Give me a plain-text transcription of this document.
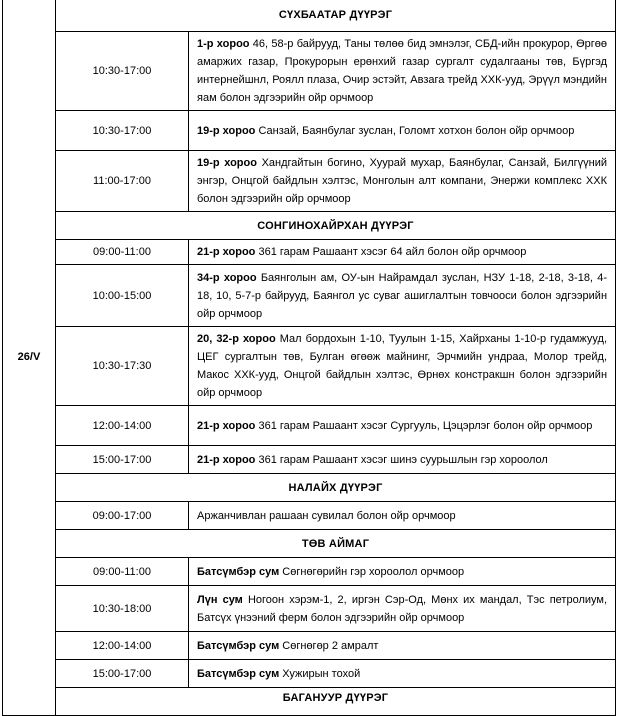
26/V	СҮХБААТАР ДҮҮРЭГ	
	10:30-17:00	1-р хороо 46, 58-р байрууд, Таны төлөө бид эмнэлэг, СБД-ийн прокурор, Өргөө амаржих газар, Прокурорын ерөнхий газар сургалт судалгааны төв, Бүргэд интернейшнл, Роялл плаза, Очир эстэйт, Авзага трейд ХХК-ууд, Эрүүл мэндийн яам болон эдгээрийн ойр орчмоор
	10:30-17:00	19-р хороо Санзай, Баянбулаг зуслан, Голомт хотхон болон ойр орчмоор
	11:00-17:00	19-р хороо Хандгайтын богино, Хуурай мухар, Баянбулаг, Санзай, Билгүүний энгэр, Онцгой байдлын хэлтэс, Монголын алт компани, Энержи комплекс ХХК болон эдгээрийн ойр орчмоор
	СОНГИНОХАЙРХАН ДҮҮРЭГ	
	09:00-11:00	21-р хороо 361 гарам Рашаант хэсэг 64 айл болон ойр орчмоор
	10:00-15:00	34-р хороо Баянголын ам, ОУ-ын Найрамдал зуслан, НЗУ 1-18, 2-18, 3-18, 4-18, 10, 5-7-р байрууд, Баянгол ус суваг ашиглалтын товчооси болон эдгээрийн ойр орчмоор
	10:30-17:30	20, 32-р хороо Мал бордохын 1-10, Туулын 1-15, Хайрханы 1-10-р гудамжууд, ЦЕГ сургалтын төв, Булган өгөөж майнинг, Эрчмийн ундраа, Молор трейд, Макос ХХК-ууд, Онцгой байдлын хэлтэс, Өрнөх констракшн болон эдгээрийн ойр орчмоор
	12:00-14:00	21-р хороо 361 гарам Рашаант хэсэг Сургууль, Цэцэрлэг болон ойр орчмоор
	15:00-17:00	21-р хороо 361 гарам Рашаант хэсэг шинэ суурьшлын гэр хороолол
	НАЛАЙХ ДҮҮРЭГ	
	09:00-17:00	Аржанчивлан рашаан сувилал болон ойр орчмоор
	ТӨВ АЙМАГ	
	09:00-11:00	Батсүмбэр сум Сөгнөгөрийн гэр хороолол орчмоор
	10:30-18:00	Лүн сум Ногоон хэрэм-1, 2, иргэн Сэр-Од, Мөнх их мандал, Тэс петролиум, Батсүх үнээний ферм болон эдгээрийн ойр орчмоор
	12:00-14:00	Батсүмбэр сум Сөгнөгөр 2 амралт
	15:00-17:00	Батсүмбэр сум Хужирын тохой
	БАГАНУУР ДҮҮРЭГ	
